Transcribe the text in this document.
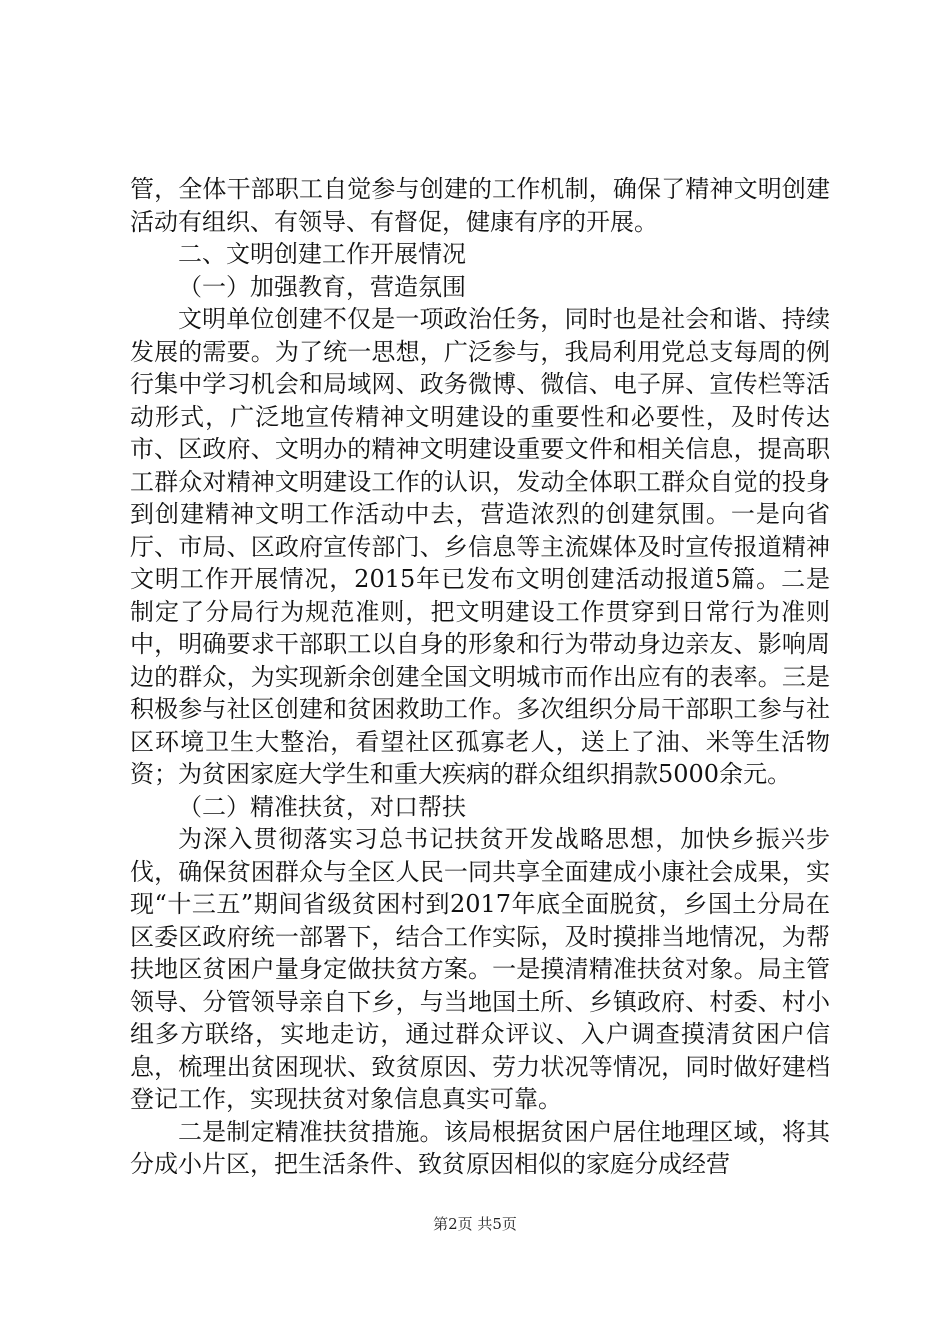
管，全体干部职工自觉参与创建的工作机制，确保了精神文明创建活动有组织、有领导、有督促，健康有序的开展。

二、文明创建工作开展情况
（一）加强教育，营造氛围

文明单位创建不仅是一项政治任务，同时也是社会和谐、持续发展的需要。为了统一思想，广泛参与，我局利用党总支每周的例行集中学习机会和局域网、政务微博、微信、电子屏、宣传栏等活动形式，广泛地宣传精神文明建设的重要性和必要性，及时传达市、区政府、文明办的精神文明建设重要文件和相关信息，提高职工群众对精神文明建设工作的认识，发动全体职工群众自觉的投身到创建精神文明工作活动中去，营造浓烈的创建氛围。一是向省厅、市局、区政府宣传部门、乡信息等主流媒体及时宣传报道精神文明工作开展情况，2015年已发布文明创建活动报道5篇。二是制定了分局行为规范准则，把文明建设工作贯穿到日常行为准则中，明确要求干部职工以自身的形象和行为带动身边亲友、影响周边的群众，为实现新余创建全国文明城市而作出应有的表率。三是积极参与社区创建和贫困救助工作。多次组织分局干部职工参与社区环境卫生大整治，看望社区孤寡老人，送上了油、米等生活物资；为贫困家庭大学生和重大疾病的群众组织捐款5000余元。

（二）精准扶贫，对口帮扶

为深入贯彻落实习总书记扶贫开发战略思想，加快乡振兴步伐，确保贫困群众与全区人民一同共享全面建成小康社会成果，实现“十三五”期间省级贫困村到2017年底全面脱贫，乡国土分局在区委区政府统一部署下，结合工作实际，及时摸排当地情况，为帮扶地区贫困户量身定做扶贫方案。一是摸清精准扶贫对象。局主管领导、分管领导亲自下乡，与当地国土所、乡镇政府、村委、村小组多方联络，实地走访，通过群众评议、入户调查摸清贫困户信息，梳理出贫困现状、致贫原因、劳力状况等情况，同时做好建档登记工作，实现扶贫对象信息真实可靠。

二是制定精准扶贫措施。该局根据贫困户居住地理区域，将其分成小片区，把生活条件、致贫原因相似的家庭分成经营

第2页 共5页
